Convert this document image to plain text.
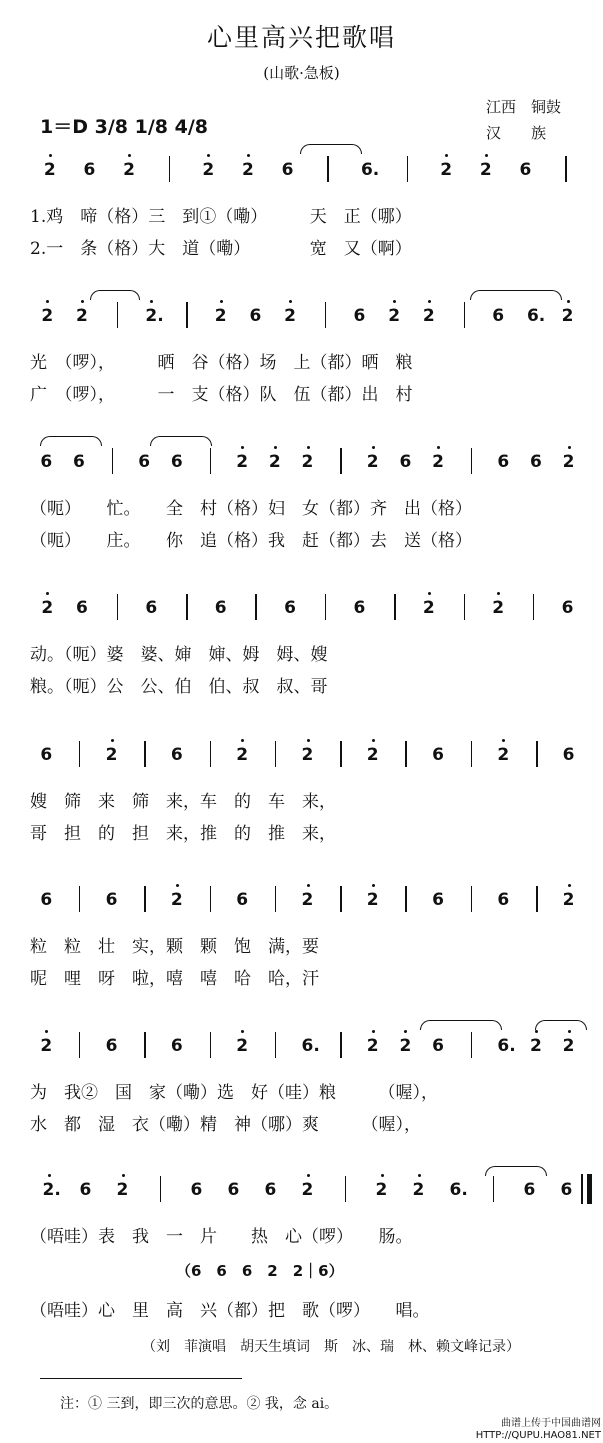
心里高兴把歌唱
(山歌·急板)
1＝D 3/8 1/8 4/8
江西　铜鼓
汉　　族
2 6 2	2 2 6	6.	2 2 6
1.鸡　啼（格）三　到①（嘞）　　　天　正（哪）
2.一　条（格）大　道（嘞）　　　　宽　又（啊）
2 2	2.	2 6 2	6 2 2	6 6. 2
光　（啰），　　　晒　谷（格）场　上（都）晒　粮
广　（啰），　　　一　支（格）队　伍（都）出　村
6 6	6 6	2 2 2	2 6 2	6 6 2
（呃）　　忙。　　全　村（格）妇　女（都）齐　出（格）
（呃）　　庄。　　你　追（格）我　赶（都）去　送（格）
2 6	6	6	6	6	2	2	6
动。（呃）婆　婆、婶　婶、姆　姆、嫂
粮。（呃）公　公、伯　伯、叔　叔、哥
6	2	6	2	2	2	6	2	6
嫂　筛　来　筛　来，车　的　车　来，
哥　担　的　担　来，推　的　推　来，
6	6	2	6	2	2	6	6	2
粒　粒　壮　实，颗　颗　饱　满，要
呢　哩　呀　啦，嘻　嘻　哈　哈，汗
2	6	6	2	6.	2 2 6	6. 2 2
为　我②　国　家（嘞）选　好（哇）粮　　　（喔），
水　都　湿　衣（嘞）精　神（哪）爽　　　（喔），
2. 6 2	6 6 6 2	2 2 6.	6 6
（唔哇）表　我　一　片　　热　心（啰）　　肠。
（6　6　6　2　2｜6）
（唔哇）心　里　高　兴（都）把　歌（啰）　　唱。
（刘　菲演唱　胡天生填词　斯　冰、瑞　林、赖文峰记录）
注：① 三到，即三次的意思。② 我，念 ai。
曲谱上传于中国曲谱网
HTTP://QUPU.HAO81.NET
